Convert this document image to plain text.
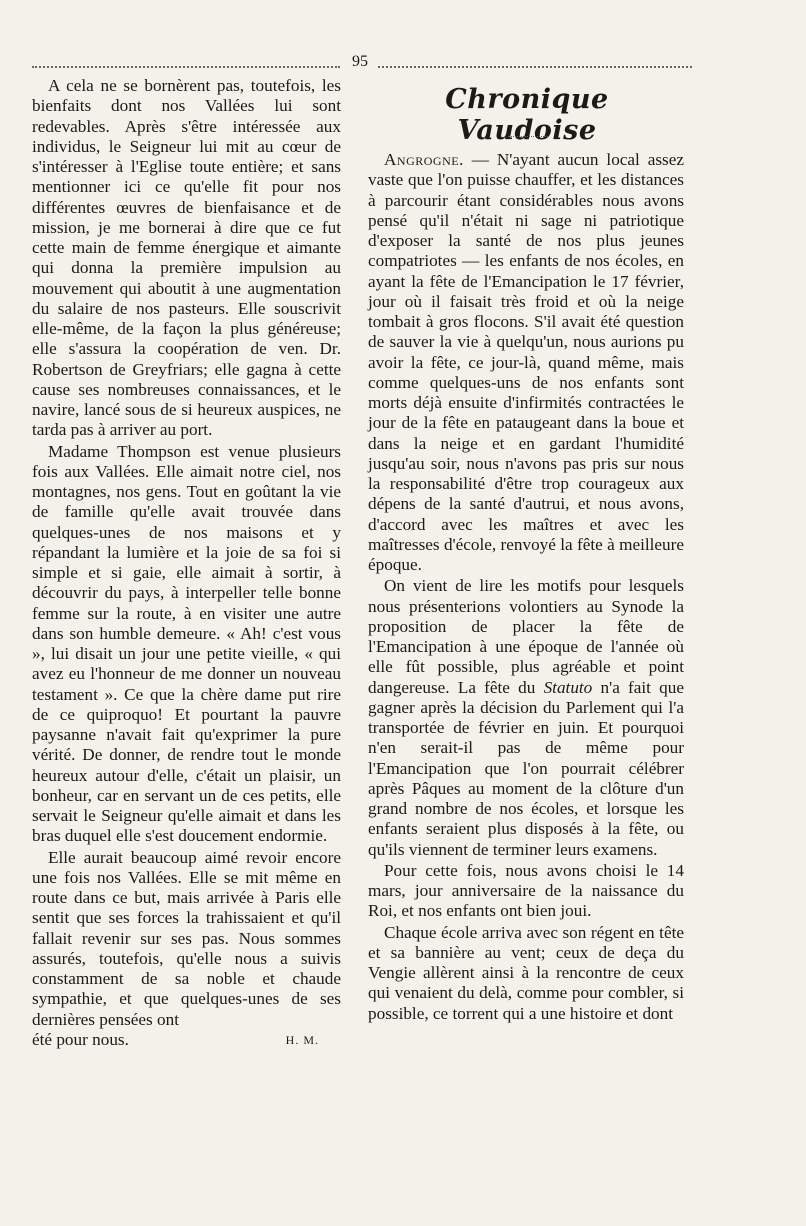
95

A cela ne se bornèrent pas, toutefois, les bienfaits dont nos Vallées lui sont redevables. Après s'être intéressée aux individus, le Seigneur lui mit au cœur de s'intéresser à l'Eglise toute entière; et sans mentionner ici ce qu'elle fit pour nos différentes œuvres de bienfaisance et de mission, je me bornerai à dire que ce fut cette main de femme énergique et aimante qui donna la première impulsion au mouvement qui aboutit à une augmentation du salaire de nos pasteurs. Elle souscrivit elle-même, de la façon la plus généreuse; elle s'assura la coopération de ven. Dr. Robertson de Greyfriars; elle gagna à cette cause ses nombreuses connaissances, et le navire, lancé sous de si heureux auspices, ne tarda pas à arriver au port.

Madame Thompson est venue plusieurs fois aux Vallées. Elle aimait notre ciel, nos montagnes, nos gens. Tout en goûtant la vie de famille qu'elle avait trouvée dans quelques-unes de nos maisons et y répandant la lumière et la joie de sa foi si simple et si gaie, elle aimait à sortir, à découvrir du pays, à interpeller telle bonne femme sur la route, à en visiter une autre dans son humble demeure. « Ah! c'est vous », lui disait un jour une petite vieille, « qui avez eu l'honneur de me donner un nouveau testament ». Ce que la chère dame put rire de ce quiproquo! Et pourtant la pauvre paysanne n'avait fait qu'exprimer la pure vérité. De donner, de rendre tout le monde heureux autour d'elle, c'était un plaisir, un bonheur, car en servant un de ces petits, elle servait le Seigneur qu'elle aimait et dans les bras duquel elle s'est doucement endormie.

Elle aurait beaucoup aimé revoir encore une fois nos Vallées. Elle se mit même en route dans ce but, mais arrivée à Paris elle sentit que ses forces la trahissaient et qu'il fallait revenir sur ses pas. Nous sommes assurés, toutefois, qu'elle nous a suivis constamment de sa noble et chaude sympathie, et que quelques-unes de ses dernières pensées ont

été pour nous.	H. M.
Chronique Vaudoise

Angrogne. — N'ayant aucun local assez vaste que l'on puisse chauffer, et les distances à parcourir étant considérables nous avons pensé qu'il n'était ni sage ni patriotique d'exposer la santé de nos plus jeunes compatriotes — les enfants de nos écoles, en ayant la fête de l'Emancipation le 17 février, jour où il faisait très froid et où la neige tombait à gros flocons. S'il avait été question de sauver la vie à quelqu'un, nous aurions pu avoir la fête, ce jour-là, quand même, mais comme quelques-uns de nos enfants sont morts déjà ensuite d'infirmités contractées le jour de la fête en pataugeant dans la boue et dans la neige et en gardant l'humidité jusqu'au soir, nous n'avons pas pris sur nous la responsabilité d'être trop courageux aux dépens de la santé d'autrui, et nous avons, d'accord avec les maîtres et avec les maîtresses d'école, renvoyé la fête à meilleure époque.

On vient de lire les motifs pour lesquels nous présenterions volontiers au Synode la proposition de placer la fête de l'Emancipation à une époque de l'année où elle fût possible, plus agréable et point dangereuse. La fête du Statuto n'a fait que gagner après la décision du Parlement qui l'a transportée de février en juin. Et pourquoi n'en serait-il pas de même pour l'Emancipation que l'on pourrait célébrer après Pâques au moment de la clôture d'un grand nombre de nos écoles, et lorsque les enfants seraient plus disposés à la fête, ou qu'ils viennent de terminer leurs examens.

Pour cette fois, nous avons choisi le 14 mars, jour anniversaire de la naissance du Roi, et nos enfants ont bien joui.

Chaque école arriva avec son régent en tête et sa bannière au vent; ceux de deça du Vengie allèrent ainsi à la rencontre de ceux qui venaient du delà, comme pour combler, si possible, ce torrent qui a une histoire et dont
